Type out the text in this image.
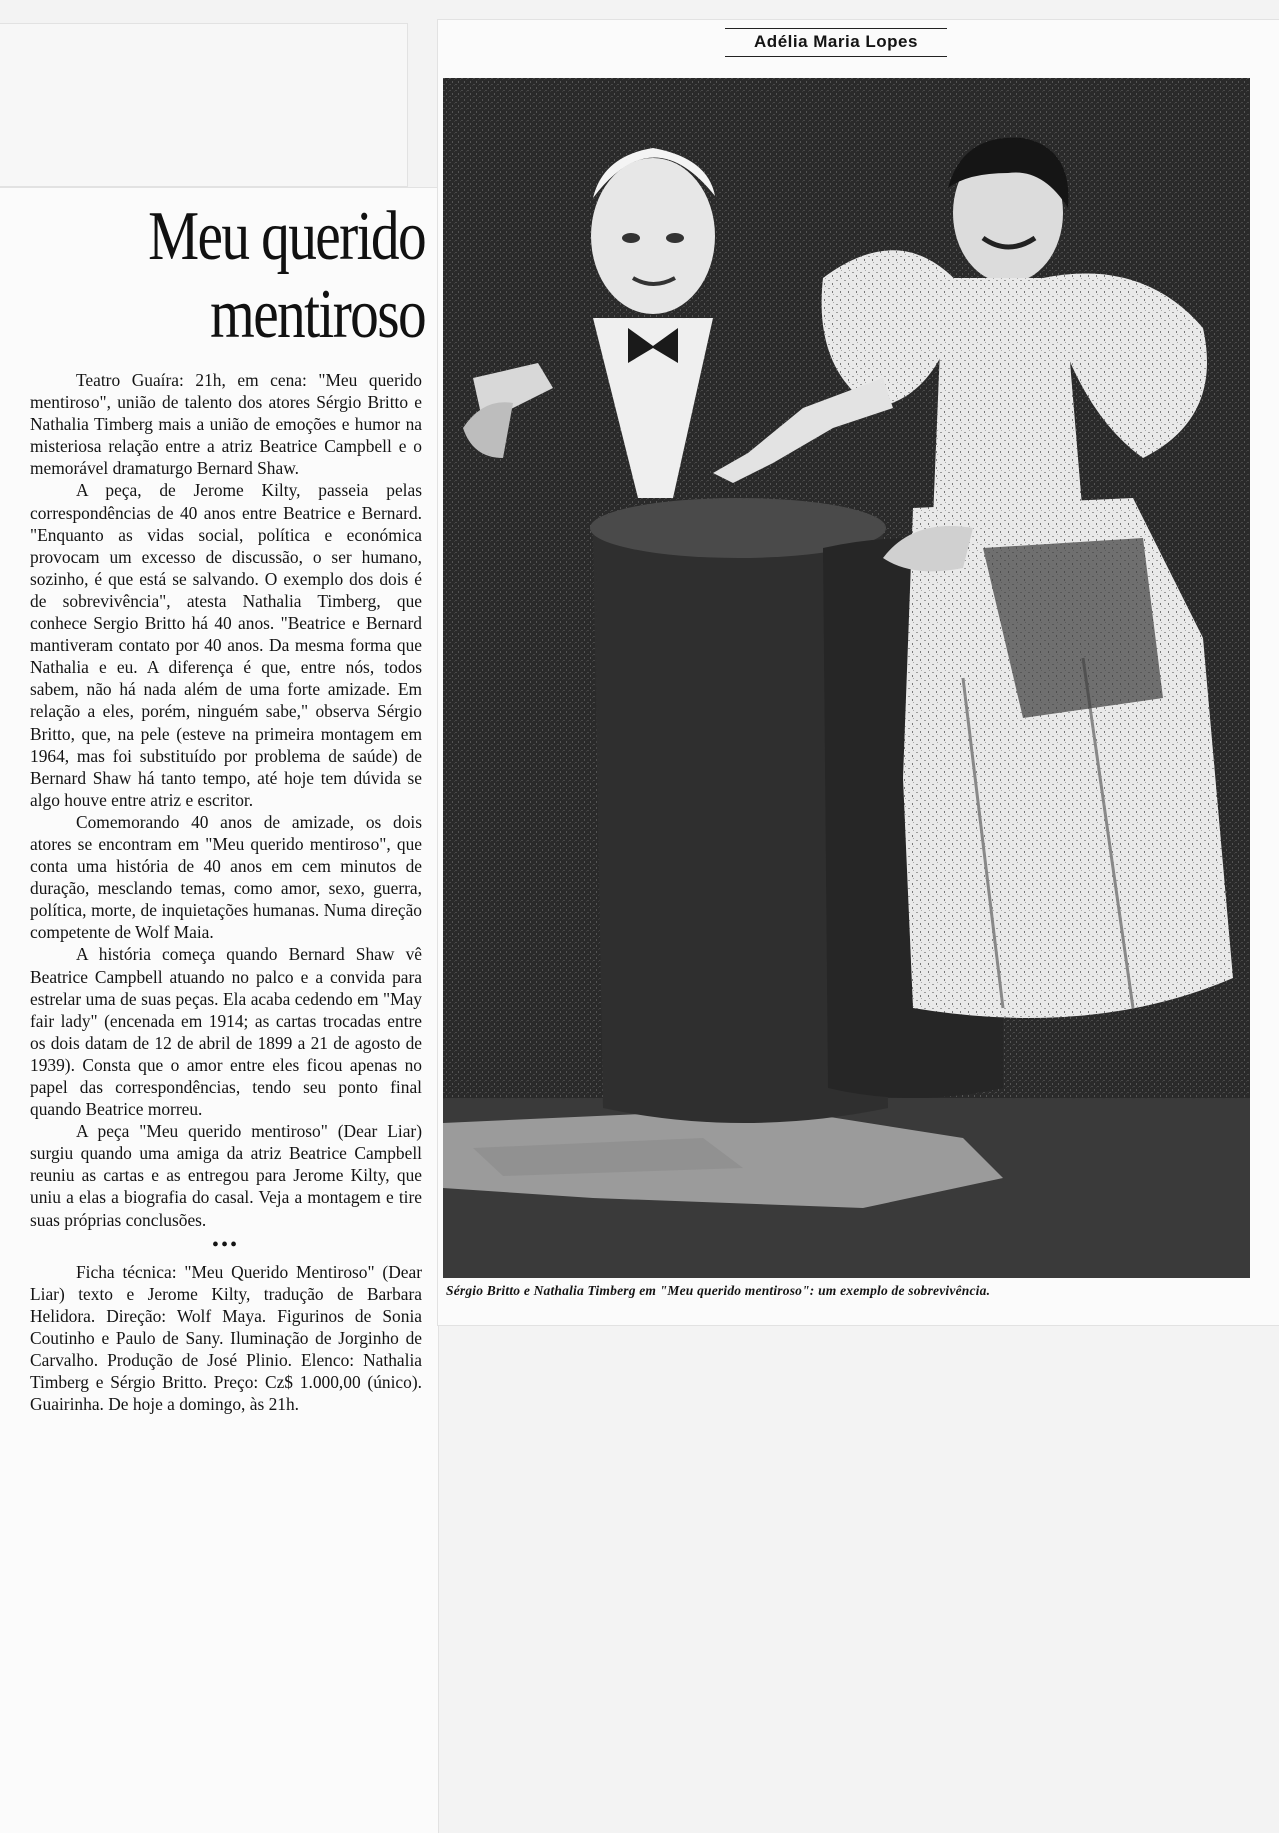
Adélia Maria Lopes
Meu querido
mentiroso

Teatro Guaíra: 21h, em cena: "Meu querido mentiroso", união de talento dos atores Sérgio Britto e Nathalia Timberg mais a união de emoções e humor na misteriosa relação entre a atriz Beatrice Campbell e o memorável dramaturgo Bernard Shaw.

A peça, de Jerome Kilty, passeia pelas correspondências de 40 anos entre Beatrice e Bernard. "Enquanto as vidas social, política e económica provocam um excesso de discussão, o ser humano, sozinho, é que está se salvando. O exemplo dos dois é de sobrevivência", atesta Nathalia Timberg, que conhece Sergio Britto há 40 anos. "Beatrice e Bernard mantiveram contato por 40 anos. Da mesma forma que Nathalia e eu. A diferença é que, entre nós, todos sabem, não há nada além de uma forte amizade. Em relação a eles, porém, ninguém sabe," observa Sérgio Britto, que, na pele (esteve na primeira montagem em 1964, mas foi substituído por problema de saúde) de Bernard Shaw há tanto tempo, até hoje tem dúvida se algo houve entre atriz e escritor.

Comemorando 40 anos de amizade, os dois atores se encontram em "Meu querido mentiroso", que conta uma história de 40 anos em cem minutos de duração, mesclando temas, como amor, sexo, guerra, política, morte, de inquietações humanas. Numa direção competente de Wolf Maia.

A história começa quando Bernard Shaw vê Beatrice Campbell atuando no palco e a convida para estrelar uma de suas peças. Ela acaba cedendo em "May fair lady" (encenada em 1914; as cartas trocadas entre os dois datam de 12 de abril de 1899 a 21 de agosto de 1939). Consta que o amor entre eles ficou apenas no papel das correspondências, tendo seu ponto final quando Beatrice morreu.

A peça "Meu querido mentiroso" (Dear Liar) surgiu quando uma amiga da atriz Beatrice Campbell reuniu as cartas e as entregou para Jerome Kilty, que uniu a elas a biografia do casal. Veja a montagem e tire suas próprias conclusões.

•••

Ficha técnica: "Meu Querido Mentiroso" (Dear Liar) texto e Jerome Kilty, tradução de Barbara Helidora. Direção: Wolf Maya. Figurinos de Sonia Coutinho e Paulo de Sany. Iluminação de Jorginho de Carvalho. Produção de José Plinio. Elenco: Nathalia Timberg e Sérgio Britto. Preço: Cz$ 1.000,00 (único). Guairinha. De hoje a domingo, às 21h.

Sérgio Britto e Nathalia Timberg em "Meu querido mentiroso": um exemplo de sobrevivência.
